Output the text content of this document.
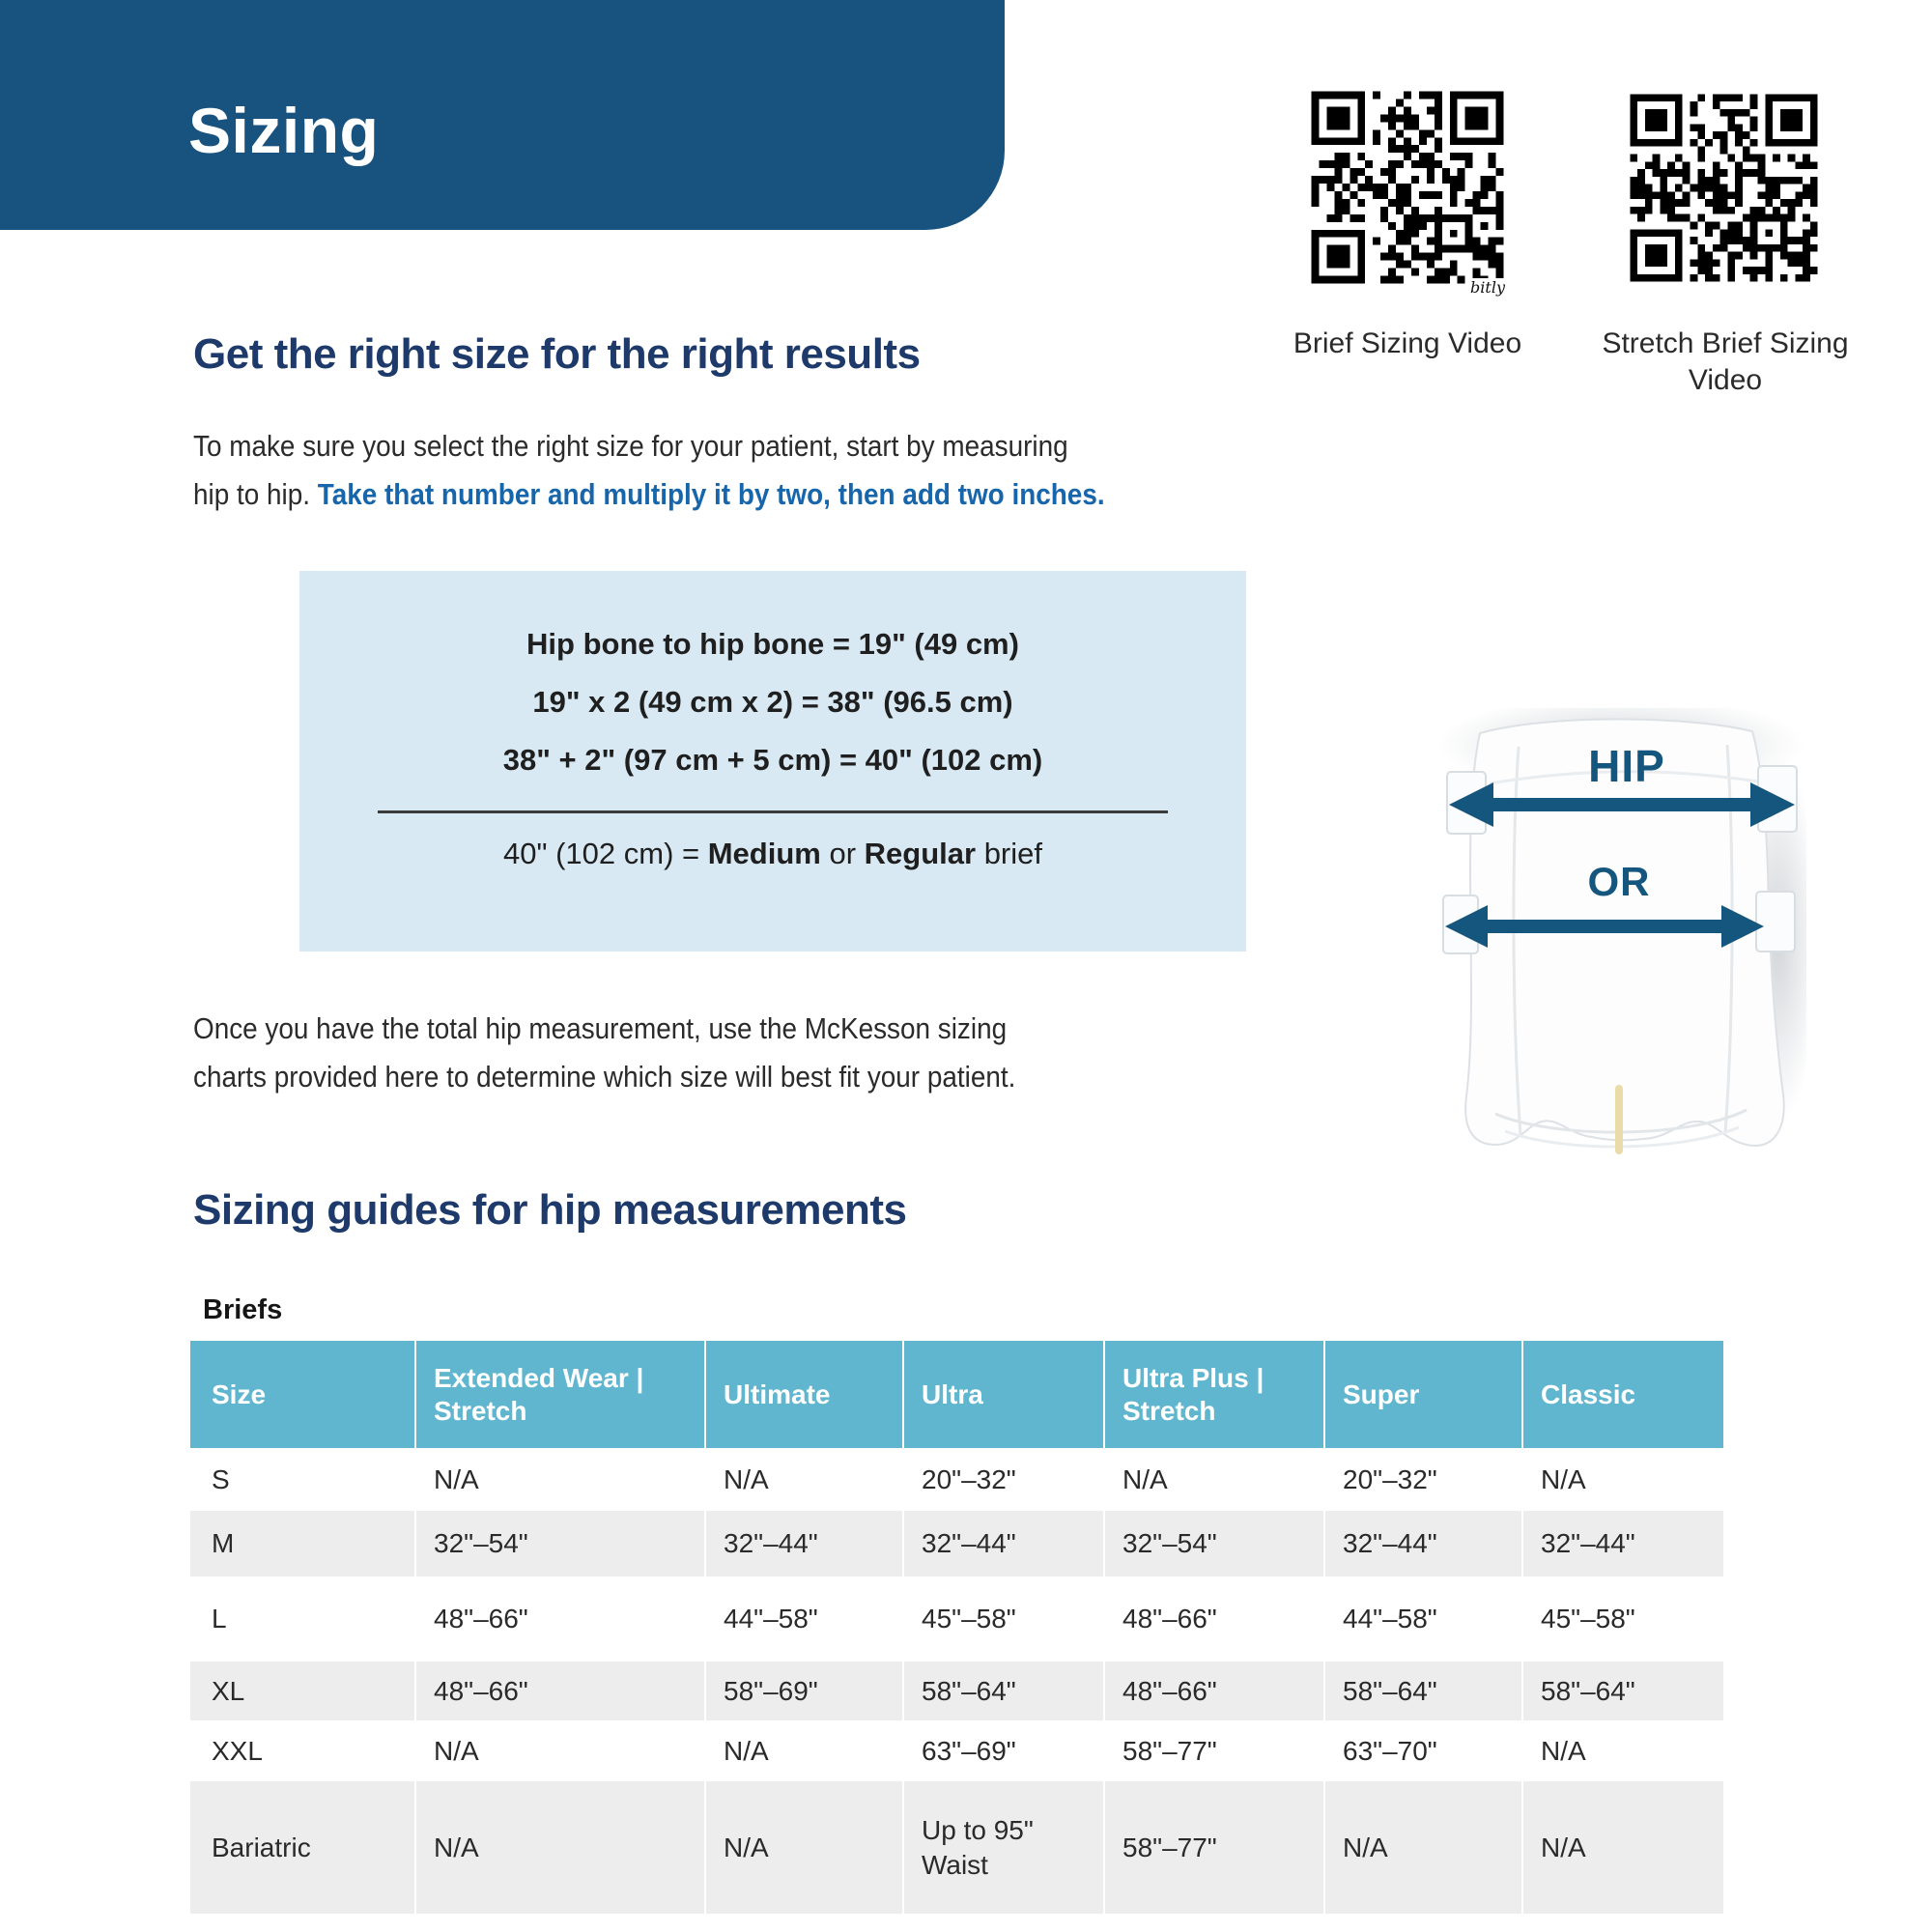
Sizing
bitly
Brief Sizing Video	Stretch Brief Sizing
Video
Get the right size for the right results
To make sure you select the right size for your patient, start by measuring
hip to hip. Take that number and multiply it by two, then add two inches.
Hip bone to hip bone = 19" (49 cm)
19" x 2 (49 cm x 2) = 38" (96.5 cm)
38" + 2" (97 cm + 5 cm) = 40" (102 cm)
40" (102 cm) = Medium or Regular brief
HIP
OR
Once you have the total hip measurement, use the McKesson sizing
charts provided here to determine which size will best fit your patient.
Sizing guides for hip measurements
Briefs
Size	Extended Wear | Stretch	Ultimate	Ultra	Ultra Plus | Stretch	Super	Classic
S	N/A	N/A	20"–32"	N/A	20"–32"	N/A
M	32"–54"	32"–44"	32"–44"	32"–54"	32"–44"	32"–44"
L	48"–66"	44"–58"	45"–58"	48"–66"	44"–58"	45"–58"
XL	48"–66"	58"–69"	58"–64"	48"–66"	58"–64"	58"–64"
XXL	N/A	N/A	63"–69"	58"–77"	63"–70"	N/A
Bariatric	N/A	N/A	Up to 95" Waist	58"–77"	N/A	N/A
